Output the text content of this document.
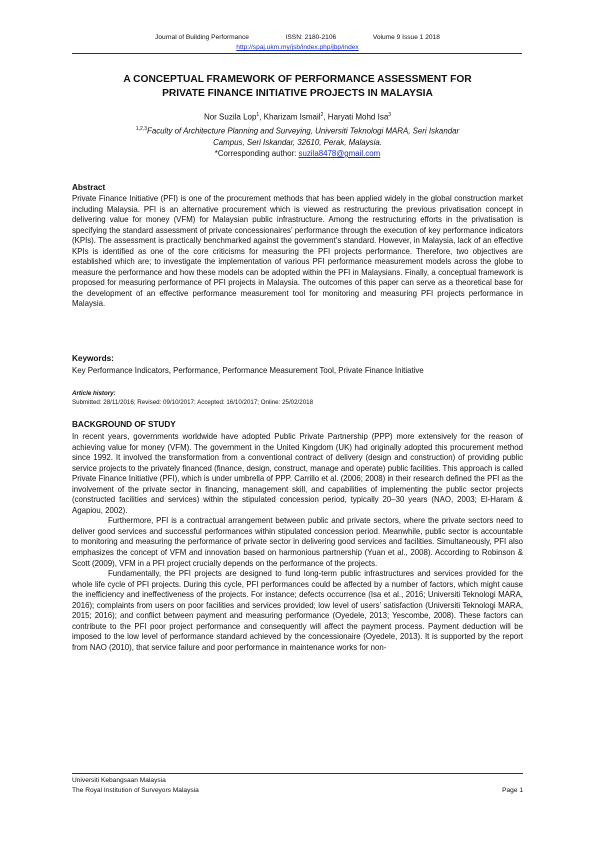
Journal of Building Performance	ISSN: 2180-2106	Volume 9 Issue 1 2018
http://spaj.ukm.my/jsb/index.php/jbp/index
A CONCEPTUAL FRAMEWORK OF PERFORMANCE ASSESSMENT FOR
PRIVATE FINANCE INITIATIVE PROJECTS IN MALAYSIA
Nor Suzila Lop$^1$, Kharizam Ismail$^2$, Haryati Mohd Isa$^3$
$^{1,2,3}$Faculty of Architecture Planning and Surveying, Universiti Teknologi MARA, Seri Iskandar
Campus, Seri Iskandar, 32610, Perak, Malaysia.
*Corresponding author: suzila8478@gmail.com
Abstract

Private Finance Initiative (PFI) is one of the procurement methods that has been applied widely in the global construction market including Malaysia. PFI is an alternative procurement which is viewed as restructuring the previous privatisation concept in delivering value for money (VFM) for Malaysian public infrastructure. Among the restructuring efforts in the privatisation is specifying the standard assessment of private concessionaires’ performance through the execution of key performance indicators (KPIs). The assessment is practically benchmarked against the government’s standard. However, in Malaysia, lack of an effective KPIs is identified as one of the core criticisms for measuring the PFI projects performance. Therefore, two objectives are established which are; to investigate the implementation of various PFI performance measurement models across the globe to measure the performance and how these models can be adopted within the PFI in Malaysians. Finally, a conceptual framework is proposed for measuring performance of PFI projects in Malaysia. The outcomes of this paper can serve as a theoretical base for the development of an effective performance measurement tool for monitoring and measuring PFI projects performance in Malaysia.

Keywords:
Key Performance Indicators, Performance, Performance Measurement Tool, Private Finance Initiative
Article history:
Submitted: 28/11/2016; Revised: 09/10/2017; Accepted: 16/10/2017; Online: 25/02/2018
BACKGROUND OF STUDY

In recent years, governments worldwide have adopted Public Private Partnership (PPP) more extensively for the reason of achieving value for money (VFM). The government in the United Kingdom (UK) had originally adopted this procurement method since 1992. It involved the transformation from a conventional contract of delivery (design and construction) of providing public service projects to the privately financed (finance, design, construct, manage and operate) public facilities. This approach is called Private Finance Initiative (PFI), which is under umbrella of PPP. Carrillo et al. (2006; 2008) in their research defined the PFI as the involvement of the private sector in financing, management skill, and capabilities of implementing the public sector projects (constructed facilities and services) within the stipulated concession period, typically 20–30 years (NAO, 2003; El-Haram & Agapiou, 2002).

Furthermore, PFI is a contractual arrangement between public and private sectors, where the private sectors need to deliver good services and successful performances within stipulated concession period. Meanwhile, public sector is accountable to monitoring and measuring the performance of private sector in delivering good services and facilities. Simultaneously, PFI also emphasizes the concept of VFM and innovation based on harmonious partnership (Yuan et al., 2008). According to Robinson & Scott (2009), VFM in a PFI project crucially depends on the performance of the projects.

Fundamentally, the PFI projects are designed to fund long-term public infrastructures and services provided for the whole life cycle of PFI projects. During this cycle, PFI performances could be affected by a number of factors, which might cause the inefficiency and ineffectiveness of the projects. For instance; defects occurrence (Isa et al., 2016; Universiti Teknologi MARA, 2016); complaints from users on poor facilities and services provided; low level of users’ satisfaction (Universiti Teknologi MARA, 2015; 2016); and conflict between payment and measuring performance (Oyedele, 2013; Yescombe, 2008). These factors can contribute to the PFI poor project performance and consequently will affect the payment process. Payment deduction will be imposed to the low level of performance standard achieved by the concessionaire (Oyedele, 2013). It is supported by the report from NAO (2010), that service failure and poor performance in maintenance works for non-

Universiti Kebangsaan Malaysia
The Royal Institution of Surveyors Malaysia	Page 1
